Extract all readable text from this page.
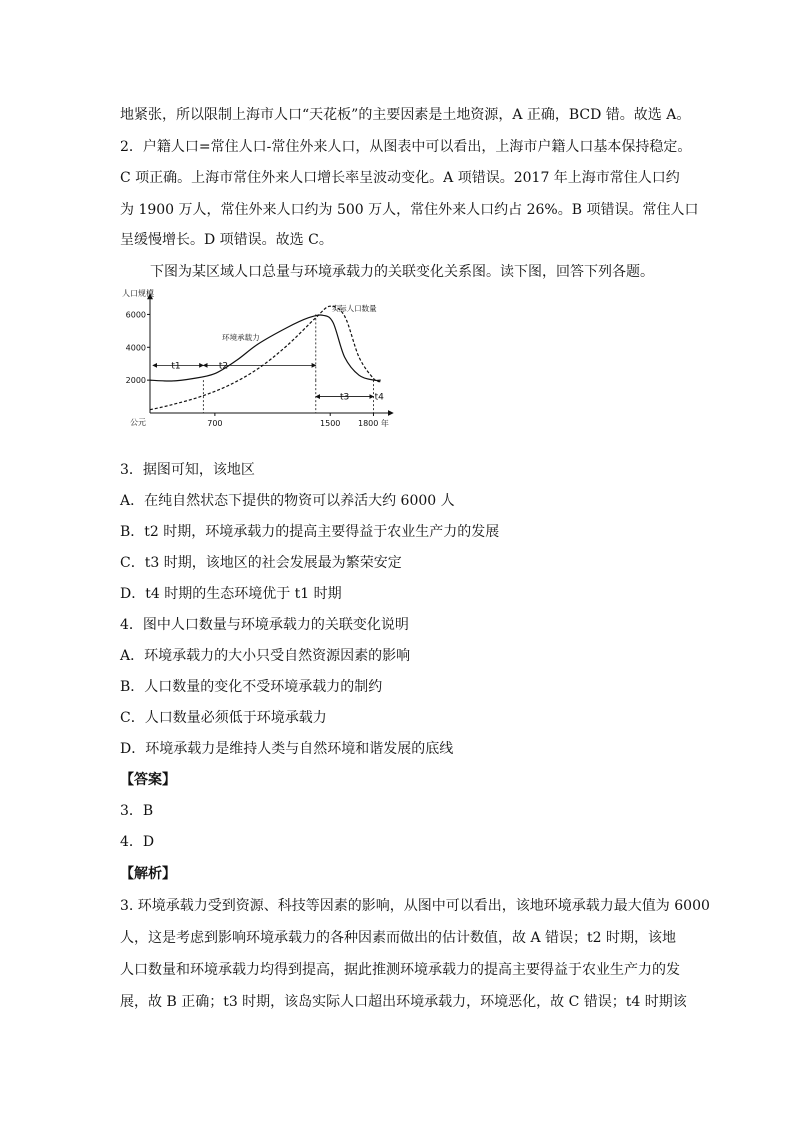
地紧张，所以限制上海市人口“天花板”的主要因素是土地资源，A 正确，BCD 错。故选 A。
2．户籍人口=常住人口-常住外来人口，从图表中可以看出，上海市户籍人口基本保持稳定。
C 项正确。上海市常住外来人口增长率呈波动变化。A 项错误。2017 年上海市常住人口约
为 1900 万人，常住外来人口约为 500 万人，常住外来人口约占 26%。B 项错误。常住人口
呈缓慢增长。D 项错误。故选 C。
下图为某区域人口总量与环境承载力的关联变化关系图。读下图，回答下列各题。
人口规模
2000
4000
6000
公元	700	1500 1800 年
环境承载力
实际人口数量
t1	t2
t3	t4
3．据图可知，该地区
A．在纯自然状态下提供的物资可以养活大约 6000 人
B．t2 时期，环境承载力的提高主要得益于农业生产力的发展
C．t3 时期，该地区的社会发展最为繁荣安定
D．t4 时期的生态环境优于 t1 时期
4．图中人口数量与环境承载力的关联变化说明
A．环境承载力的大小只受自然资源因素的影响
B．人口数量的变化不受环境承载力的制约
C．人口数量必须低于环境承载力
D．环境承载力是维持人类与自然环境和谐发展的底线
【答案】
3．B
4．D
【解析】
3. 环境承载力受到资源、科技等因素的影响，从图中可以看出，该地环境承载力最大值为 6000
人，这是考虑到影响环境承载力的各种因素而做出的估计数值，故 A 错误；t2 时期，该地
人口数量和环境承载力均得到提高，据此推测环境承载力的提高主要得益于农业生产力的发
展，故 B 正确；t3 时期，该岛实际人口超出环境承载力，环境恶化，故 C 错误；t4 时期该
